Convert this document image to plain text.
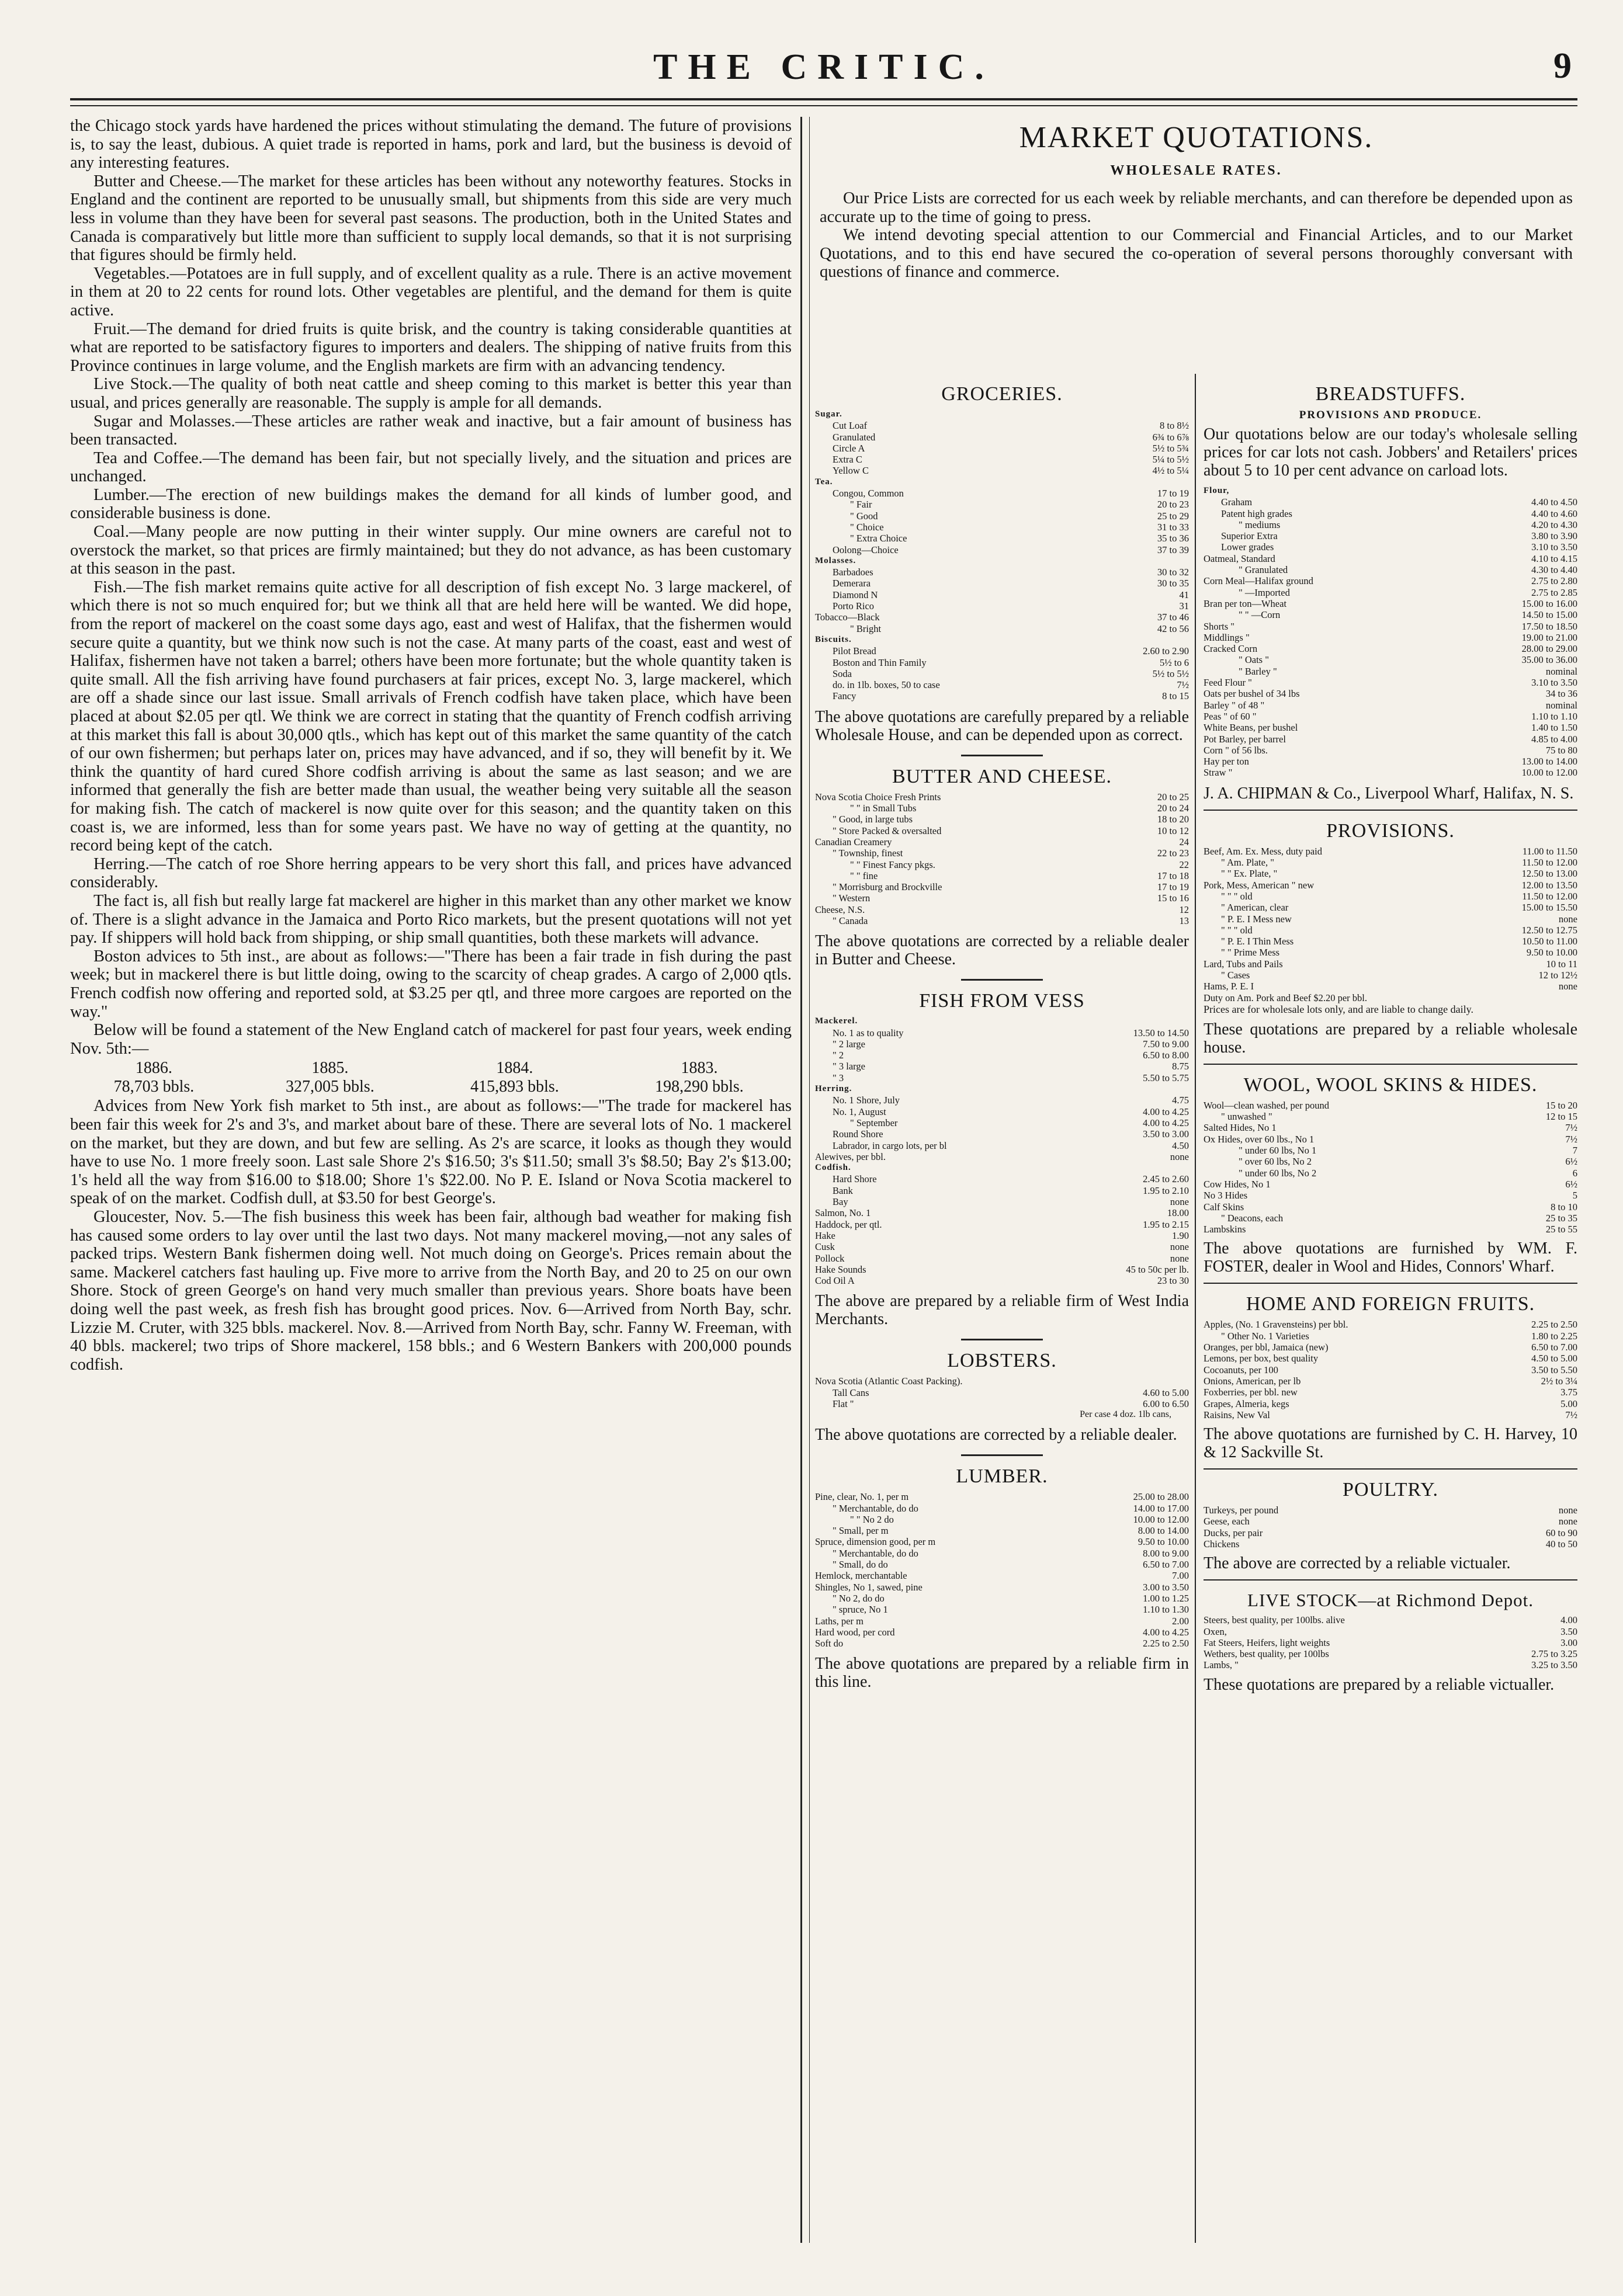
THE CRITIC.	9

the Chicago stock yards have hardened the prices without stimulating the demand. The future of provisions is, to say the least, dubious. A quiet trade is reported in hams, pork and lard, but the business is devoid of any interesting features.

Butter and Cheese.—The market for these articles has been without any noteworthy features. Stocks in England and the continent are reported to be unusually small, but shipments from this side are very much less in volume than they have been for several past seasons. The production, both in the United States and Canada is comparatively but little more than sufficient to supply local demands, so that it is not surprising that figures should be firmly held.

Vegetables.—Potatoes are in full supply, and of excellent quality as a rule. There is an active movement in them at 20 to 22 cents for round lots. Other vegetables are plentiful, and the demand for them is quite active.

Fruit.—The demand for dried fruits is quite brisk, and the country is taking considerable quantities at what are reported to be satisfactory figures to importers and dealers. The shipping of native fruits from this Province continues in large volume, and the English markets are firm with an advancing tendency.

Live Stock.—The quality of both neat cattle and sheep coming to this market is better this year than usual, and prices generally are reasonable. The supply is ample for all demands.

Sugar and Molasses.—These articles are rather weak and inactive, but a fair amount of business has been transacted.

Tea and Coffee.—The demand has been fair, but not specially lively, and the situation and prices are unchanged.

Lumber.—The erection of new buildings makes the demand for all kinds of lumber good, and considerable business is done.

Coal.—Many people are now putting in their winter supply. Our mine owners are careful not to overstock the market, so that prices are firmly maintained; but they do not advance, as has been customary at this season in the past.

Fish.—The fish market remains quite active for all description of fish except No. 3 large mackerel, of which there is not so much enquired for; but we think all that are held here will be wanted. We did hope, from the report of mackerel on the coast some days ago, east and west of Halifax, that the fishermen would secure quite a quantity, but we think now such is not the case. At many parts of the coast, east and west of Halifax, fishermen have not taken a barrel; others have been more fortunate; but the whole quantity taken is quite small. All the fish arriving have found purchasers at fair prices, except No. 3, large mackerel, which are off a shade since our last issue. Small arrivals of French codfish have taken place, which have been placed at about $2.05 per qtl. We think we are correct in stating that the quantity of French codfish arriving at this market this fall is about 30,000 qtls., which has kept out of this market the same quantity of the catch of our own fishermen; but perhaps later on, prices may have advanced, and if so, they will benefit by it. We think the quantity of hard cured Shore codfish arriving is about the same as last season; and we are informed that generally the fish are better made than usual, the weather being very suitable all the season for making fish. The catch of mackerel is now quite over for this season; and the quantity taken on this coast is, we are informed, less than for some years past. We have no way of getting at the quantity, no record being kept of the catch.

Herring.—The catch of roe Shore herring appears to be very short this fall, and prices have advanced considerably.

The fact is, all fish but really large fat mackerel are higher in this market than any other market we know of. There is a slight advance in the Jamaica and Porto Rico markets, but the present quotations will not yet pay. If shippers will hold back from shipping, or ship small quantities, both these markets will advance.

Boston advices to 5th inst., are about as follows:—"There has been a fair trade in fish during the past week; but in mackerel there is but little doing, owing to the scarcity of cheap grades. A cargo of 2,000 qtls. French codfish now offering and reported sold, at $3.25 per qtl, and three more cargoes are reported on the way."

Below will be found a statement of the New England catch of mackerel for past four years, week ending Nov. 5th:—

1886.	1885.	1884.	1883.
78,703 bbls.	327,005 bbls.	415,893 bbls.	198,290 bbls.

Advices from New York fish market to 5th inst., are about as follows:—"The trade for mackerel has been fair this week for 2's and 3's, and market about bare of these. There are several lots of No. 1 mackerel on the market, but they are down, and but few are selling. As 2's are scarce, it looks as though they would have to use No. 1 more freely soon. Last sale Shore 2's $16.50; 3's $11.50; small 3's $8.50; Bay 2's $13.00; 1's held all the way from $16.00 to $18.00; Shore 1's $22.00. No P. E. Island or Nova Scotia mackerel to speak of on the market. Codfish dull, at $3.50 for best George's.

Gloucester, Nov. 5.—The fish business this week has been fair, although bad weather for making fish has caused some orders to lay over until the last two days. Not many mackerel moving,—not any sales of packed trips. Western Bank fishermen doing well. Not much doing on George's. Prices remain about the same. Mackerel catchers fast hauling up. Five more to arrive from the North Bay, and 20 to 25 on our own Shore. Stock of green George's on hand very much smaller than previous years. Shore boats have been doing well the past week, as fresh fish has brought good prices. Nov. 6—Arrived from North Bay, schr. Lizzie M. Cruter, with 325 bbls. mackerel. Nov. 8.—Arrived from North Bay, schr. Fanny W. Freeman, with 40 bbls. mackerel; two trips of Shore mackerel, 158 bbls.; and 6 Western Bankers with 200,000 pounds codfish.

MARKET QUOTATIONS.
WHOLESALE RATES.

Our Price Lists are corrected for us each week by reliable merchants, and can therefore be depended upon as accurate up to the time of going to press.

We intend devoting special attention to our Commercial and Financial Articles, and to our Market Quotations, and to this end have secured the co-operation of several persons thoroughly conversant with questions of finance and commerce.

GROCERIES.
Sugar.	
Cut Loaf	8 to 8½
Granulated	6¾ to 6⅞
Circle A	5½ to 5¾
Extra C	5¼ to 5½
Yellow C	4½ to 5¼
Tea.	
Congou, Common	17 to 19
" Fair	20 to 23
" Good	25 to 29
" Choice	31 to 33
" Extra Choice	35 to 36
Oolong—Choice	37 to 39
Molasses.	
Barbadoes	30 to 32
Demerara	30 to 35
Diamond N	41
Porto Rico	31
Tobacco—Black	37 to 46
" Bright	42 to 56
Biscuits.	
Pilot Bread	2.60 to 2.90
Boston and Thin Family	5½ to 6
Soda	5½ to 5½
do. in 1lb. boxes, 50 to case	7½
Fancy	8 to 15
The above quotations are carefully prepared by a reliable Wholesale House, and can be depended upon as correct.
BUTTER AND CHEESE.
Nova Scotia Choice Fresh Prints	20 to 25
" " in Small Tubs	20 to 24
" Good, in large tubs	18 to 20
" Store Packed & oversalted	10 to 12
Canadian Creamery	24
" Township, finest	22 to 23
" " Finest Fancy pkgs.	22
" " fine	17 to 18
" Morrisburg and Brockville	17 to 19
" Western	15 to 16
Cheese, N.S.	12
" Canada	13
The above quotations are corrected by a reliable dealer in Butter and Cheese.
FISH FROM VESS
Mackerel.	
No. 1 as to quality	13.50 to 14.50
" 2 large	7.50 to 9.00
" 2	6.50 to 8.00
" 3 large	8.75
" 3	5.50 to 5.75
Herring.	
No. 1 Shore, July	4.75
No. 1, August	4.00 to 4.25
" September	4.00 to 4.25
Round Shore	3.50 to 3.00
Labrador, in cargo lots, per bl	4.50
Alewives, per bbl.	none
Codfish.	
Hard Shore	2.45 to 2.60
Bank	1.95 to 2.10
Bay	none
Salmon, No. 1	18.00
Haddock, per qtl.	1.95 to 2.15
Hake	1.90
Cusk	none
Pollock	none
Hake Sounds	45 to 50c per lb.
Cod Oil A	23 to 30
The above are prepared by a reliable firm of West India Merchants.
LOBSTERS.
Nova Scotia (Atlantic Coast Packing).	
Tall Cans	4.60 to 5.00
Flat "	6.00 to 6.50
Per case 4 doz. 1lb cans,
The above quotations are corrected by a reliable dealer.
LUMBER.
Pine, clear, No. 1, per m	25.00 to 28.00
" Merchantable, do do	14.00 to 17.00
" " No 2 do	10.00 to 12.00
" Small, per m	8.00 to 14.00
Spruce, dimension good, per m	9.50 to 10.00
" Merchantable, do do	8.00 to 9.00
" Small, do do	6.50 to 7.00
Hemlock, merchantable	7.00
Shingles, No 1, sawed, pine	3.00 to 3.50
" No 2, do do	1.00 to 1.25
" spruce, No 1	1.10 to 1.30
Laths, per m	2.00
Hard wood, per cord	4.00 to 4.25
Soft do	2.25 to 2.50
The above quotations are prepared by a reliable firm in this line.
BREADSTUFFS.
PROVISIONS AND PRODUCE.
Our quotations below are our today's wholesale selling prices for car lots not cash. Jobbers' and Retailers' prices about 5 to 10 per cent advance on carload lots.
Flour,	
Graham	4.40 to 4.50
Patent high grades	4.40 to 4.60
" mediums	4.20 to 4.30
Superior Extra	3.80 to 3.90
Lower grades	3.10 to 3.50
Oatmeal, Standard	4.10 to 4.15
" Granulated	4.30 to 4.40
Corn Meal—Halifax ground	2.75 to 2.80
" —Imported	2.75 to 2.85
Bran per ton—Wheat	15.00 to 16.00
" " —Corn	14.50 to 15.00
Shorts "	17.50 to 18.50
Middlings "	19.00 to 21.00
Cracked Corn	28.00 to 29.00
" Oats "	35.00 to 36.00
" Barley "	nominal
Feed Flour "	3.10 to 3.50
Oats per bushel of 34 lbs	34 to 36
Barley " of 48 "	nominal
Peas " of 60 "	1.10 to 1.10
White Beans, per bushel	1.40 to 1.50
Pot Barley, per barrel	4.85 to 4.00
Corn " of 56 lbs.	75 to 80
Hay per ton	13.00 to 14.00
Straw "	10.00 to 12.00
J. A. CHIPMAN & Co., Liverpool Wharf, Halifax, N. S.
PROVISIONS.
Beef, Am. Ex. Mess, duty paid	11.00 to 11.50
" Am. Plate, "	11.50 to 12.00
" " Ex. Plate, "	12.50 to 13.00
Pork, Mess, American " new	12.00 to 13.50
" " " old	11.50 to 12.00
" American, clear	15.00 to 15.50
" P. E. I Mess new	none
" " " old	12.50 to 12.75
" P. E. I Thin Mess	10.50 to 11.00
" " Prime Mess	9.50 to 10.00
Lard, Tubs and Pails	10 to 11
" Cases	12 to 12½
Hams, P. E. I	none
Duty on Am. Pork and Beef $2.20 per bbl.	
Prices are for wholesale lots only, and are liable to change daily.
These quotations are prepared by a reliable wholesale house.
WOOL, WOOL SKINS & HIDES.
Wool—clean washed, per pound	15 to 20
" unwashed "	12 to 15
Salted Hides, No 1	7½
Ox Hides, over 60 lbs., No 1	7½
" under 60 lbs, No 1	7
" over 60 lbs, No 2	6½
" under 60 lbs, No 2	6
Cow Hides, No 1	6½
No 3 Hides	5
Calf Skins	8 to 10
" Deacons, each	25 to 35
Lambskins	25 to 55
The above quotations are furnished by WM. F. FOSTER, dealer in Wool and Hides, Connors' Wharf.
HOME AND FOREIGN FRUITS.
Apples, (No. 1 Gravensteins) per bbl.	2.25 to 2.50
" Other No. 1 Varieties	1.80 to 2.25
Oranges, per bbl, Jamaica (new)	6.50 to 7.00
Lemons, per box, best quality	4.50 to 5.00
Cocoanuts, per 100	3.50 to 5.50
Onions, American, per lb	2½ to 3¼
Foxberries, per bbl. new	3.75
Grapes, Almeria, kegs	5.00
Raisins, New Val	7½
The above quotations are furnished by C. H. Harvey, 10 & 12 Sackville St.
POULTRY.
Turkeys, per pound	none
Geese, each	none
Ducks, per pair	60 to 90
Chickens	40 to 50
The above are corrected by a reliable victualer.
LIVE STOCK—at Richmond Depot.
Steers, best quality, per 100lbs. alive	4.00
Oxen,	3.50
Fat Steers, Heifers, light weights	3.00
Wethers, best quality, per 100lbs	2.75 to 3.25
Lambs, "	3.25 to 3.50
These quotations are prepared by a reliable victualler.
